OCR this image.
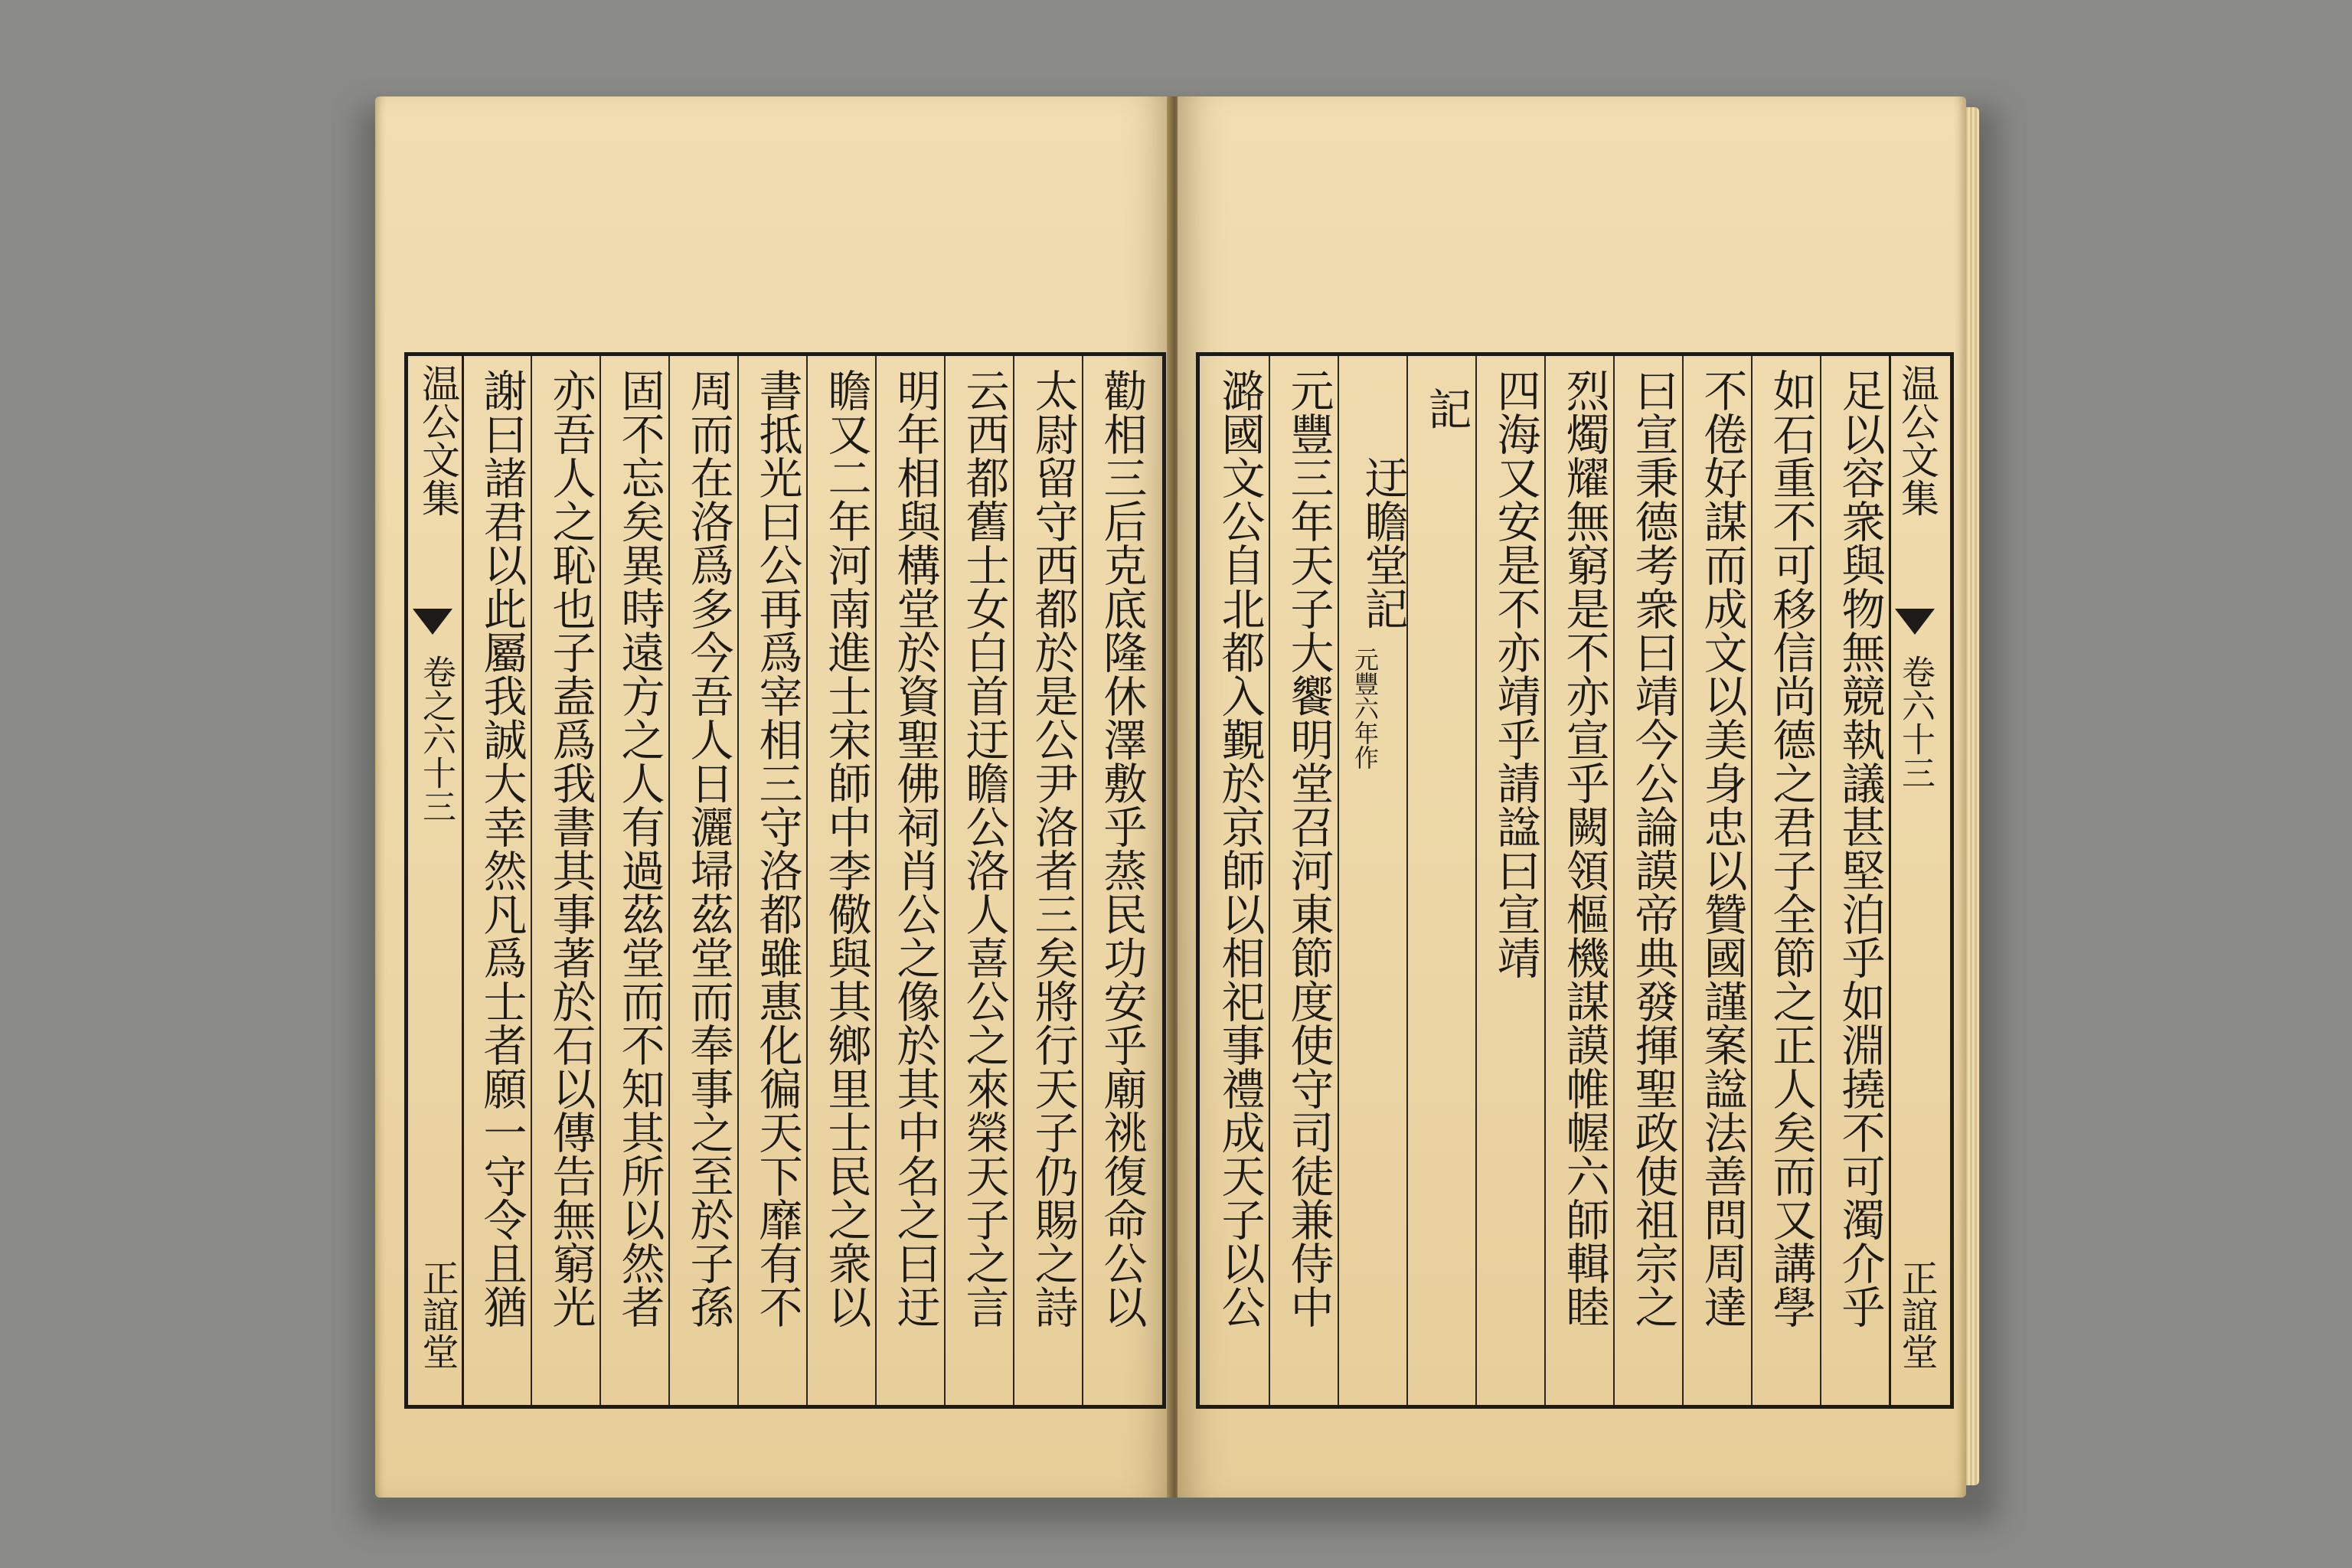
温公文集
卷之六十三
正誼堂	勸相三后克底隆休澤敷乎蒸民功安乎廟祧復命公以
太尉留守西都於是公尹洛者三矣將行天子仍賜之詩
云西都舊士女白首迂瞻公洛人喜公之來榮天子之言
明年相與構堂於資聖佛祠肖公之像於其中名之曰迂
瞻又二年河南進士宋師中李儆與其鄉里士民之衆以
書抵光曰公再爲宰相三守洛都雖惠化徧天下靡有不
周而在洛爲多今吾人日灑埽茲堂而奉事之至於子孫
固不忘矣異時遠方之人有過茲堂而不知其所以然者
亦吾人之恥也子盍爲我書其事著於石以傳告無窮光
謝曰諸君以此屬我誠大幸然凡爲士者願一守令且猶	温公文集
卷六十三
正誼堂
足以容衆與物無競執議甚堅泊乎如淵撓不可濁介乎
如石重不可移信尚德之君子全節之正人矣而又講學
不倦好謀而成文以美身忠以贊國謹案諡法善問周達
曰宣秉德考衆曰靖今公論謨帝典發揮聖政使祖宗之
烈燭耀無窮是不亦宣乎闕領樞機謀謨帷幄六師輯睦
四海又安是不亦靖乎請諡曰宣靖
記
迂瞻堂記
元豐六年作
元豐三年天子大饗明堂召河東節度使守司徒兼侍中
潞國文公自北都入覲於京師以相祀事禮成天子以公
